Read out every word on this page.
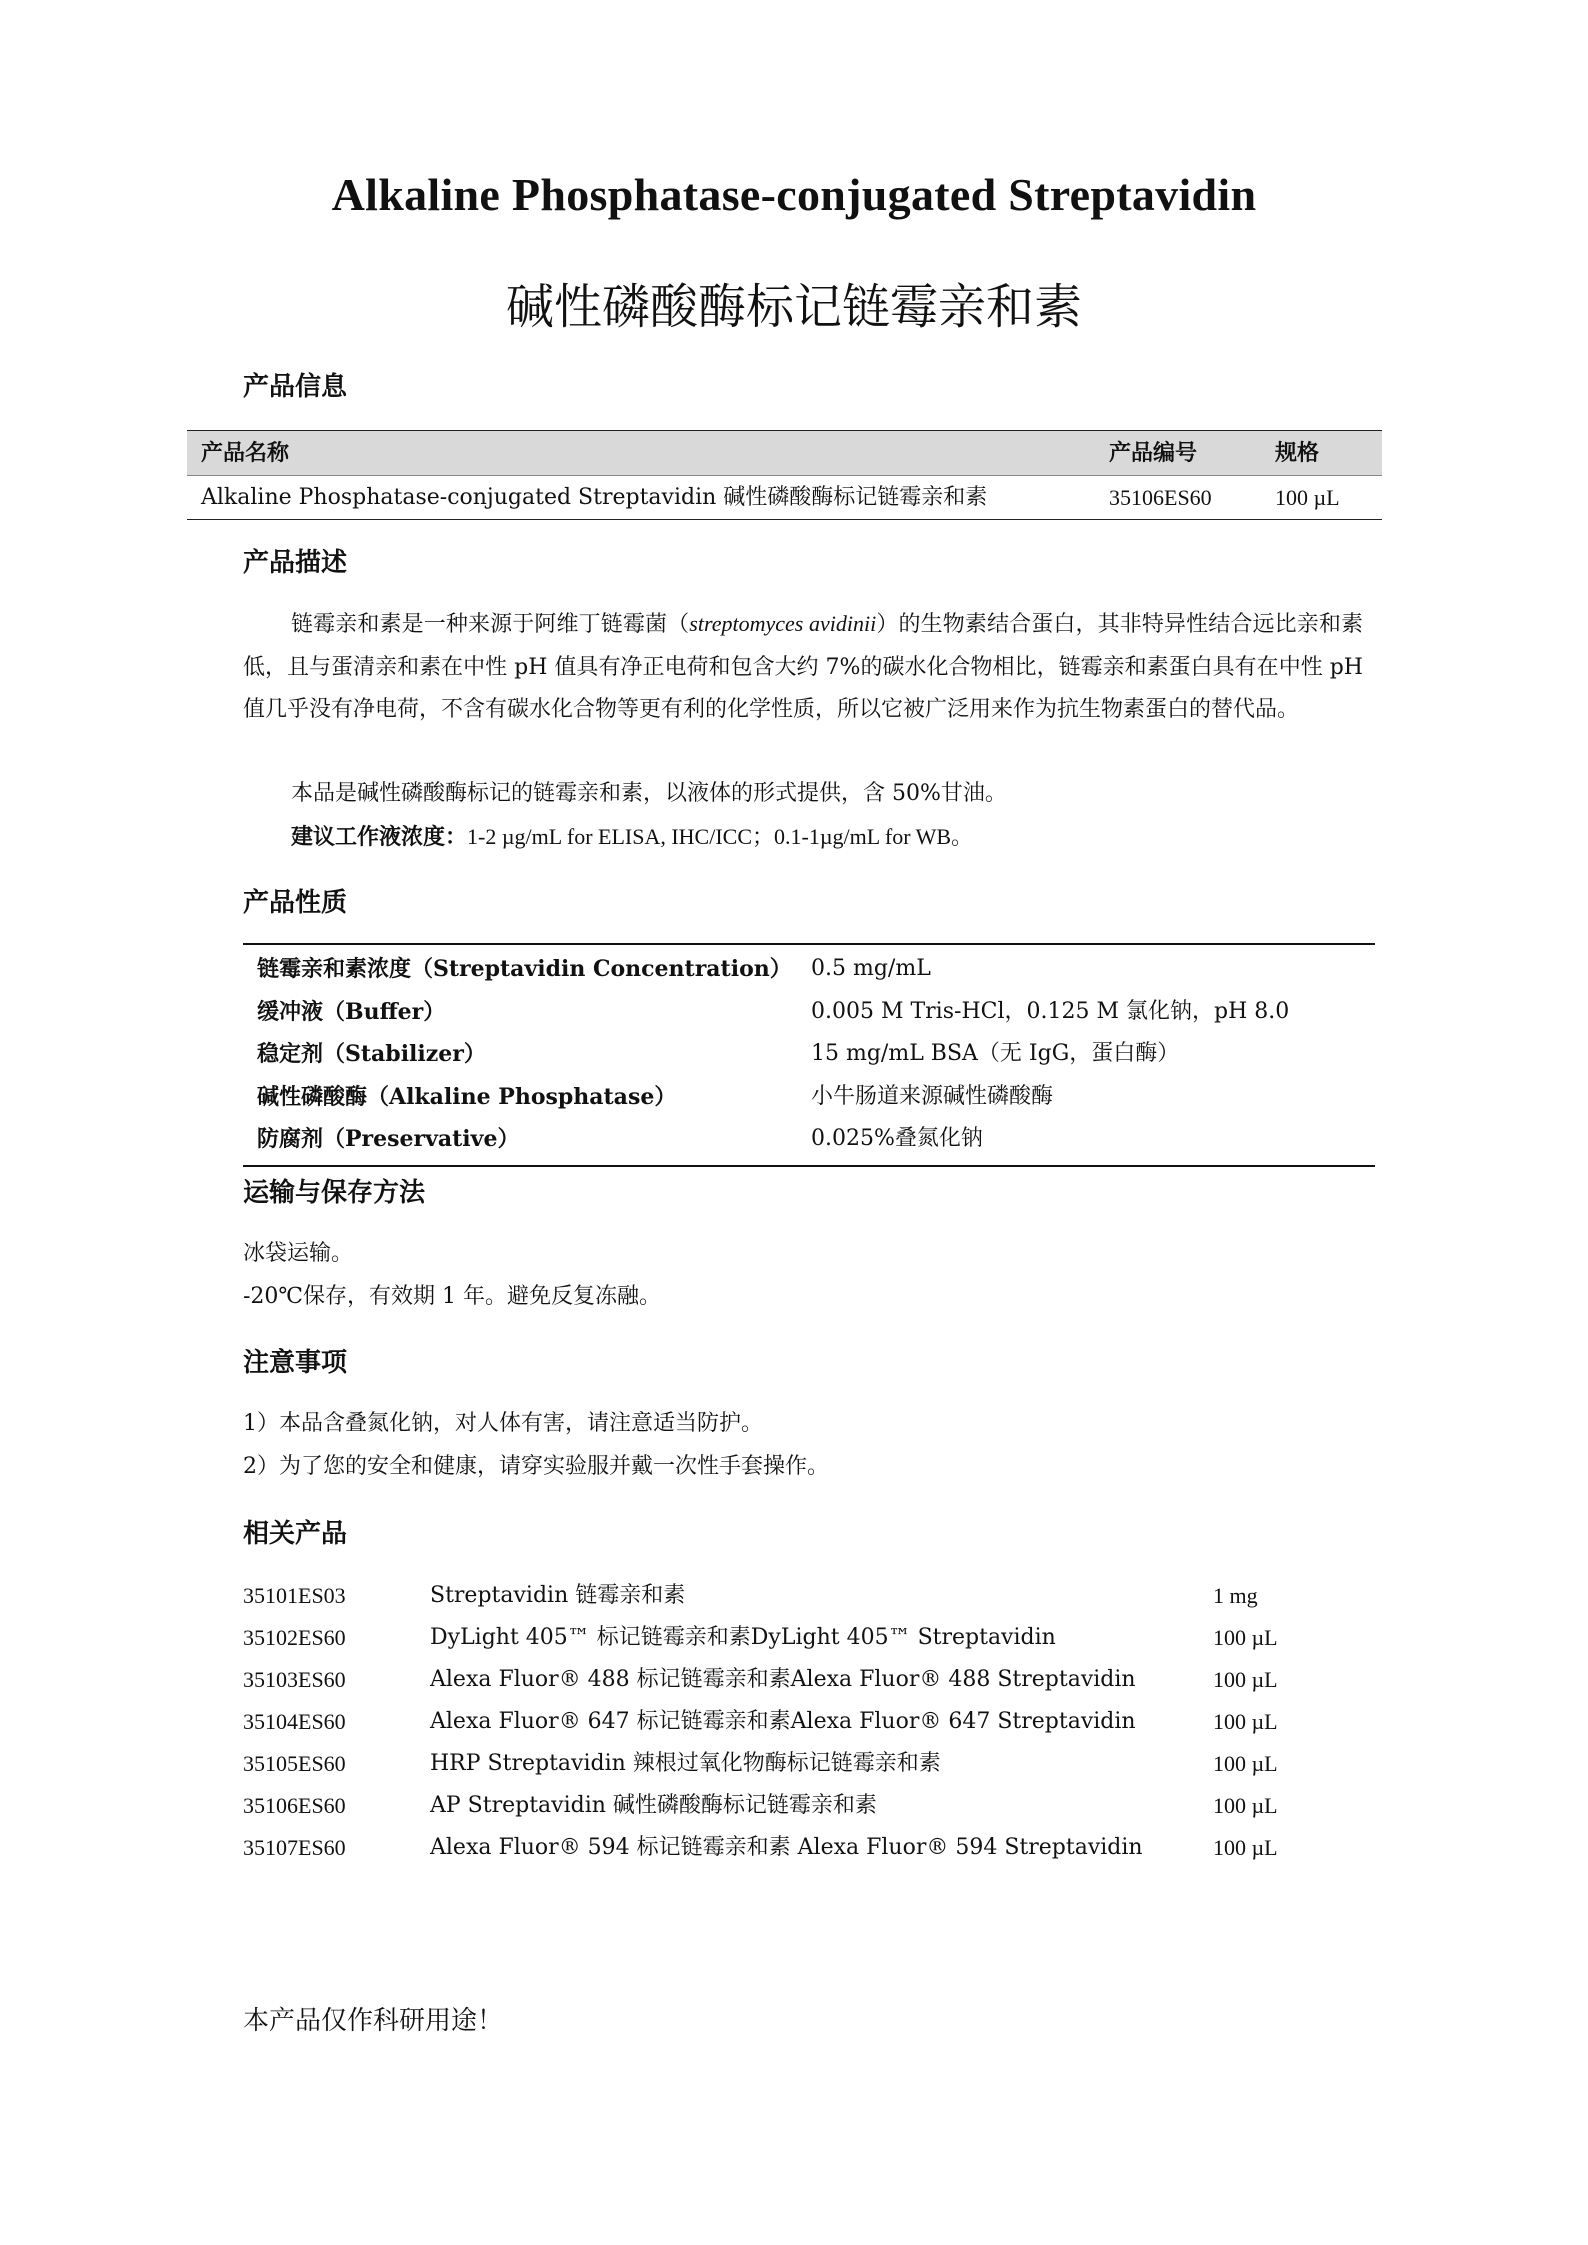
Alkaline Phosphatase-conjugated Streptavidin
碱性磷酸酶标记链霉亲和素
产品信息
产品名称	产品编号	规格
Alkaline Phosphatase-conjugated Streptavidin 碱性磷酸酶标记链霉亲和素	35106ES60	100 µL
产品描述
链霉亲和素是一种来源于阿维丁链霉菌（streptomyces avidinii）的生物素结合蛋白，其非特异性结合远比亲和素低，且与蛋清亲和素在中性 pH 值具有净正电荷和包含大约 7%的碳水化合物相比，链霉亲和素蛋白具有在中性 pH 值几乎没有净电荷，不含有碳水化合物等更有利的化学性质，所以它被广泛用来作为抗生物素蛋白的替代品。
本品是碱性磷酸酶标记的链霉亲和素，以液体的形式提供，含 50%甘油。
建议工作液浓度：1-2 µg/mL for ELISA, IHC/ICC；0.1-1µg/mL for WB。
产品性质
链霉亲和素浓度（Streptavidin Concentration） 0.5 mg/mL
缓冲液（Buffer）	0.005 M Tris-HCl，0.125 M 氯化钠，pH 8.0
稳定剂（Stabilizer）	15 mg/mL BSA（无 IgG，蛋白酶）
碱性磷酸酶（Alkaline Phosphatase）	小牛肠道来源碱性磷酸酶
防腐剂（Preservative）	0.025%叠氮化钠
运输与保存方法
冰袋运输。
-20℃保存，有效期 1 年。避免反复冻融。
注意事项
1）本品含叠氮化钠，对人体有害，请注意适当防护。
2）为了您的安全和健康，请穿实验服并戴一次性手套操作。
相关产品
35101ES03	Streptavidin 链霉亲和素	1 mg
35102ES60	DyLight 405™ 标记链霉亲和素DyLight 405™ Streptavidin	100 µL
35103ES60	Alexa Fluor® 488 标记链霉亲和素Alexa Fluor® 488 Streptavidin	100 µL
35104ES60	Alexa Fluor® 647 标记链霉亲和素Alexa Fluor® 647 Streptavidin	100 µL
35105ES60	HRP Streptavidin 辣根过氧化物酶标记链霉亲和素	100 µL
35106ES60	AP Streptavidin 碱性磷酸酶标记链霉亲和素	100 µL
35107ES60	Alexa Fluor® 594 标记链霉亲和素 Alexa Fluor® 594 Streptavidin	100 µL
本产品仅作科研用途！
